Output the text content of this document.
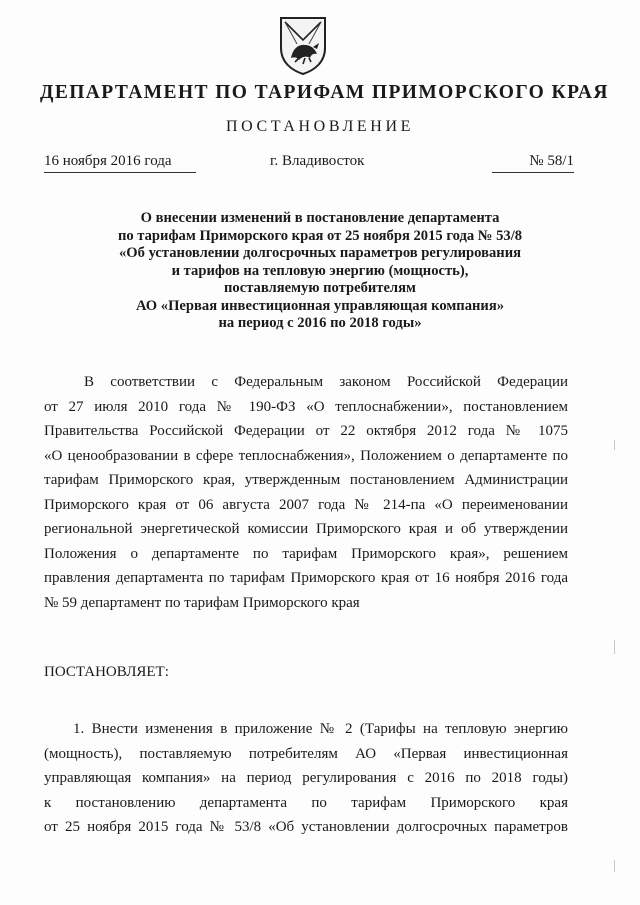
ДЕПАРТАМЕНТ ПО ТАРИФАМ ПРИМОРСКОГО КРАЯ
ПОСТАНОВЛЕНИЕ
16 ноября 2016 года	г. Владивосток	№ 58/1
О внесении изменений в постановление департамента
по тарифам Приморского края от 25 ноября 2015 года № 53/8
«Об установлении долгосрочных параметров регулирования
и тарифов на тепловую энергию (мощность),
поставляемую потребителям
АО «Первая инвестиционная управляющая компания»
на период с 2016 по 2018 годы»
В соответствии с Федеральным законом Российской Федерации
от 27 июля 2010 года № 190-ФЗ «О теплоснабжении», постановлением
Правительства Российской Федерации от 22 октября 2012 года № 1075
«О ценообразовании в сфере теплоснабжения», Положением о департаменте по
тарифам Приморского края, утвержденным постановлением Администрации
Приморского края от 06 августа 2007 года № 214-па «О переименовании
региональной энергетической комиссии Приморского края и об утверждении
Положения о департаменте по тарифам Приморского края», решением
правления департамента по тарифам Приморского края от 16 ноября 2016 года
№ 59 департамент по тарифам Приморского края
ПОСТАНОВЛЯЕТ:
1. Внести изменения в приложение № 2 (Тарифы на тепловую энергию
(мощность), поставляемую потребителям АО «Первая инвестиционная
управляющая компания» на период регулирования с 2016 по 2018 годы)
к постановлению департамента по тарифам Приморского края
от 25 ноября 2015 года № 53/8 «Об установлении долгосрочных параметров
